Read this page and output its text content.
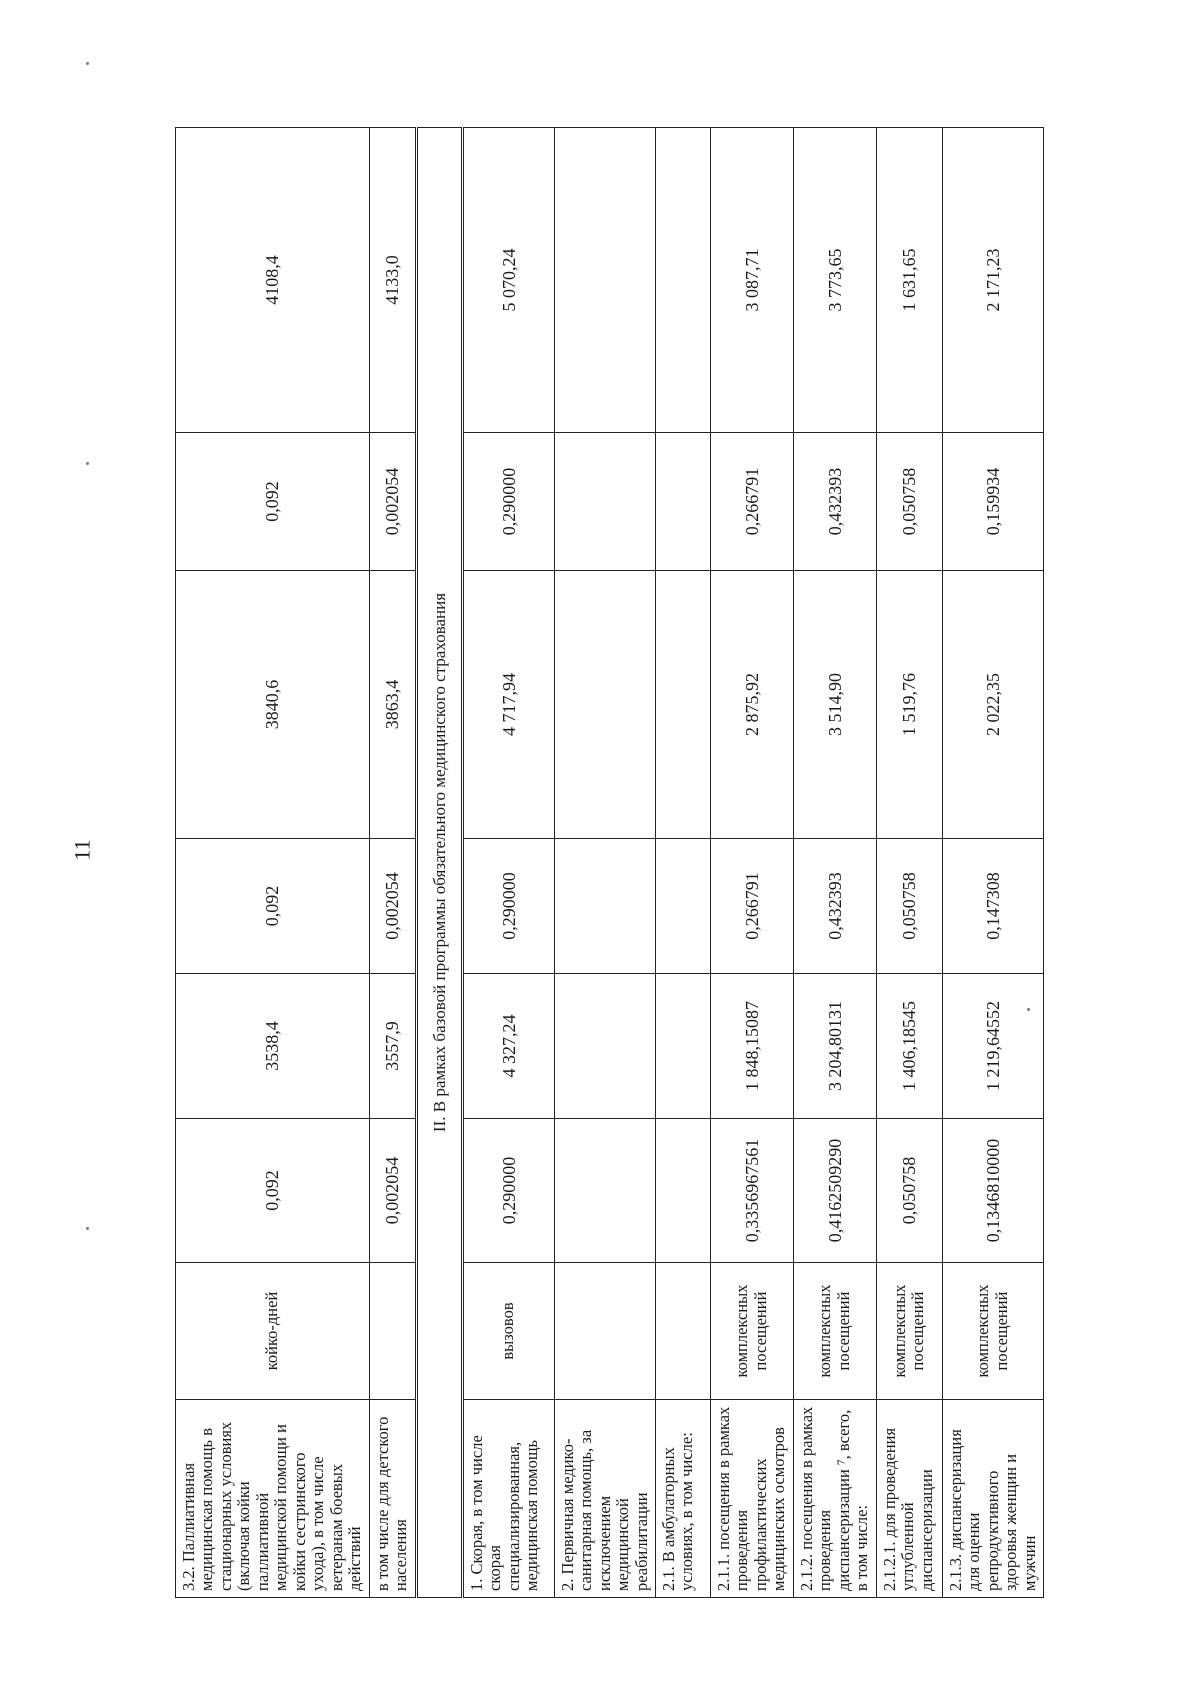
11
3.2. Паллиативная медицинская помощь в стационарных условиях (включая койки паллиативной медицинской помощи и койки сестринского ухода), в том числе ветеранам боевых действий	койко-дней	0,092	3538,4	0,092	3840,6	0,092	4108,4
в том числе для детского населения		0,002054	3557,9	0,002054	3863,4	0,002054	4133,0
II. В рамках базовой программы обязательного медицинского страхования							
1. Скорая, в том числе скорая специализированная, медицинская помощь	вызовов	0,290000	4 327,24	0,290000	4 717,94	0,290000	5 070,24
2. Первичная медико-санитарная помощь, за исключением медицинской реабилитации							
2.1. В амбулаторных условиях, в том числе:							
2.1.1. посещения в рамках проведения профилактических медицинских осмотров	комплексных посещений	0,3356967561	1 848,15087	0,266791	2 875,92	0,266791	3 087,71
2.1.2. посещения в рамках проведения диспансеризации ⁷, всего, в том числе:	комплексных посещений	0,4162509290	3 204,80131	0,432393	3 514,90	0,432393	3 773,65
2.1.2.1. для проведения углубленной диспансеризации	комплексных посещений	0,050758	1 406,18545	0,050758	1 519,76	0,050758	1 631,65
2.1.3. диспансеризация для оценки репродуктивного здоровья женщин и мужчин	комплексных посещений	0,1346810000	1 219,64552	0,147308	2 022,35	0,159934	2 171,23
